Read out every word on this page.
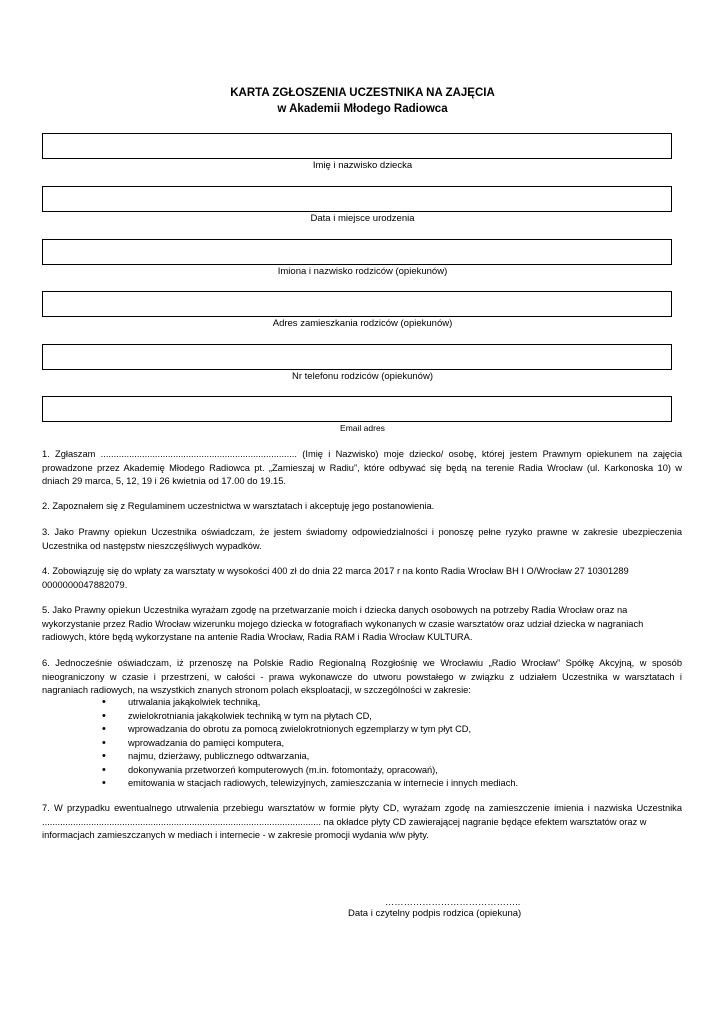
KARTA ZGŁOSZENIA UCZESTNIKA NA ZAJĘCIA
w Akademii Młodego Radiowca
Imię i nazwisko dziecka
Data i miejsce urodzenia
Imiona i nazwisko rodziców (opiekunów)
Adres zamieszkania rodziców (opiekunów)
Nr telefonu rodziców (opiekunów)
Email adres
1. Zgłaszam ............................................................................ (Imię i Nazwisko) moje dziecko/ osobę, której jestem Prawnym opiekunem na zajęcia
prowadzone przez Akademię Młodego Radiowca pt. „Zamieszaj w Radiu”, które odbywać się będą na terenie Radia Wrocław (ul. Karkonoska 10) w
dniach 29 marca, 5, 12, 19 i 26 kwietnia od 17.00 do 19.15.
2. Zapoznałem się z Regulaminem uczestnictwa w warsztatach i akceptuję jego postanowienia.
3. Jako Prawny opiekun Uczestnika oświadczam, że jestem świadomy odpowiedzialności i ponoszę pełne ryzyko prawne w zakresie ubezpieczenia
Uczestnika od następstw nieszczęśliwych wypadków.
4. Zobowiązuję się do wpłaty za warsztaty w wysokości 400 zł do dnia 22 marca 2017 r na konto Radia Wrocław BH I O/Wrocław 27 10301289
0000000047882079.
5. Jako Prawny opiekun Uczestnika wyrażam zgodę na przetwarzanie moich i dziecka danych osobowych na potrzeby Radia Wrocław oraz na
wykorzystanie przez Radio Wrocław wizerunku mojego dziecka w fotografiach wykonanych w czasie warsztatów oraz udział dziecka w nagraniach
radiowych, które będą wykorzystane na antenie Radia Wrocław, Radia RAM i Radia Wrocław KULTURA.
6. Jednocześnie oświadczam, iż przenoszę na Polskie Radio Regionalną Rozgłośnię we Wrocławiu „Radio Wrocław” Spółkę Akcyjną, w sposób
nieograniczony w czasie i przestrzeni, w całości - prawa wykonawcze do utworu powstałego w związku z udziałem Uczestnika w warsztatach i
nagraniach radiowych, na wszystkich znanych stronom polach eksploatacji, w szczególności w zakresie:
• utrwalania jakąkolwiek techniką,
• zwielokrotniania jakąkolwiek techniką w tym na płytach CD,
• wprowadzania do obrotu za pomocą zwielokrotnionych egzemplarzy w tym płyt CD,
• wprowadzania do pamięci komputera,
• najmu, dzierżawy, publicznego odtwarzania,
• dokonywania przetworzeń komputerowych (m.in. fotomontaży, opracowań),
• emitowania w stacjach radiowych, telewizyjnych, zamieszczania w internecie i innych mediach.
7. W przypadku ewentualnego utrwalenia przebiegu warsztatów w formie płyty CD, wyrażam zgodę na zamieszczenie imienia i nazwiska Uczestnika
............................................................................................................ na okładce płyty CD zawierającej nagranie będące efektem warsztatów oraz w
informacjach zamieszczanych w mediach i internecie - w zakresie promocji wydania w/w płyty.
……………………………………..
Data i czytelny podpis rodzica (opiekuna)
